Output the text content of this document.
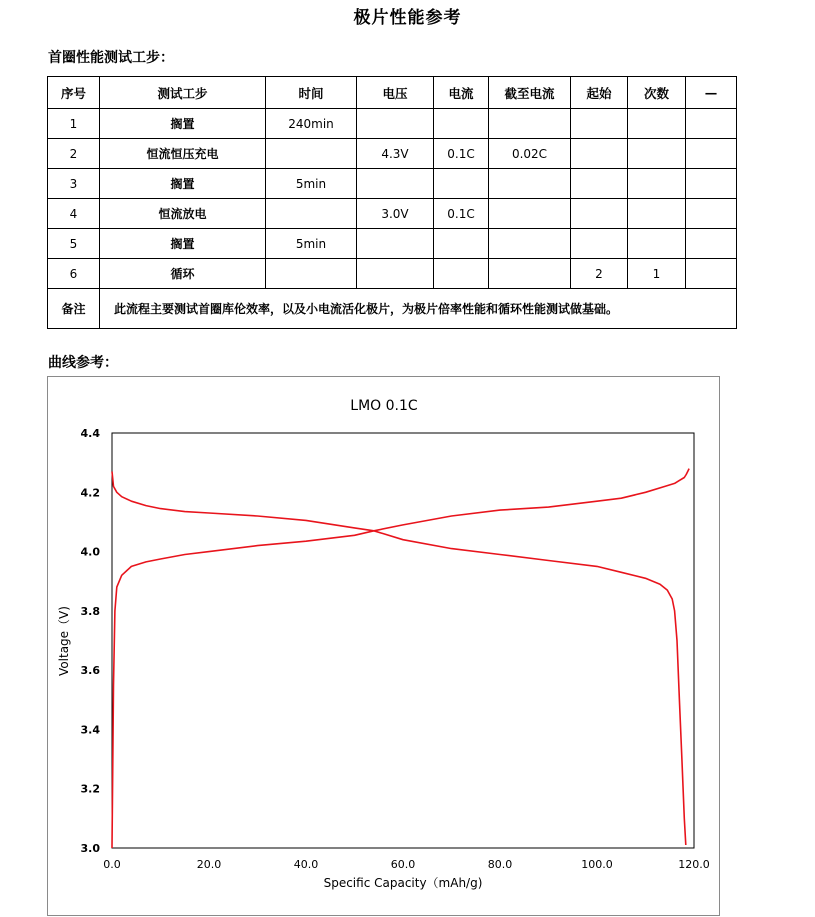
极片性能参考
首圈性能测试工步：
序号	测试工步	时间	电压	电流	截至电流	起始	次数	—
1	搁置	240min						
2	恒流恒压充电		4.3V	0.1C	0.02C			
3	搁置	5min						
4	恒流放电		3.0V	0.1C				
5	搁置	5min						
6	循环					2	1	
备注	此流程主要测试首圈库伦效率，以及小电流活化极片，为极片倍率性能和循环性能测试做基础。							
曲线参考：
LMO 0.1C
3.0
3.2
3.4
3.6
3.8
4.0
4.2
4.4
0.0	20.0	40.0	60.0	80.0	100.0	120.0
Specific Capacity（mAh/g)
Voltage（V)
